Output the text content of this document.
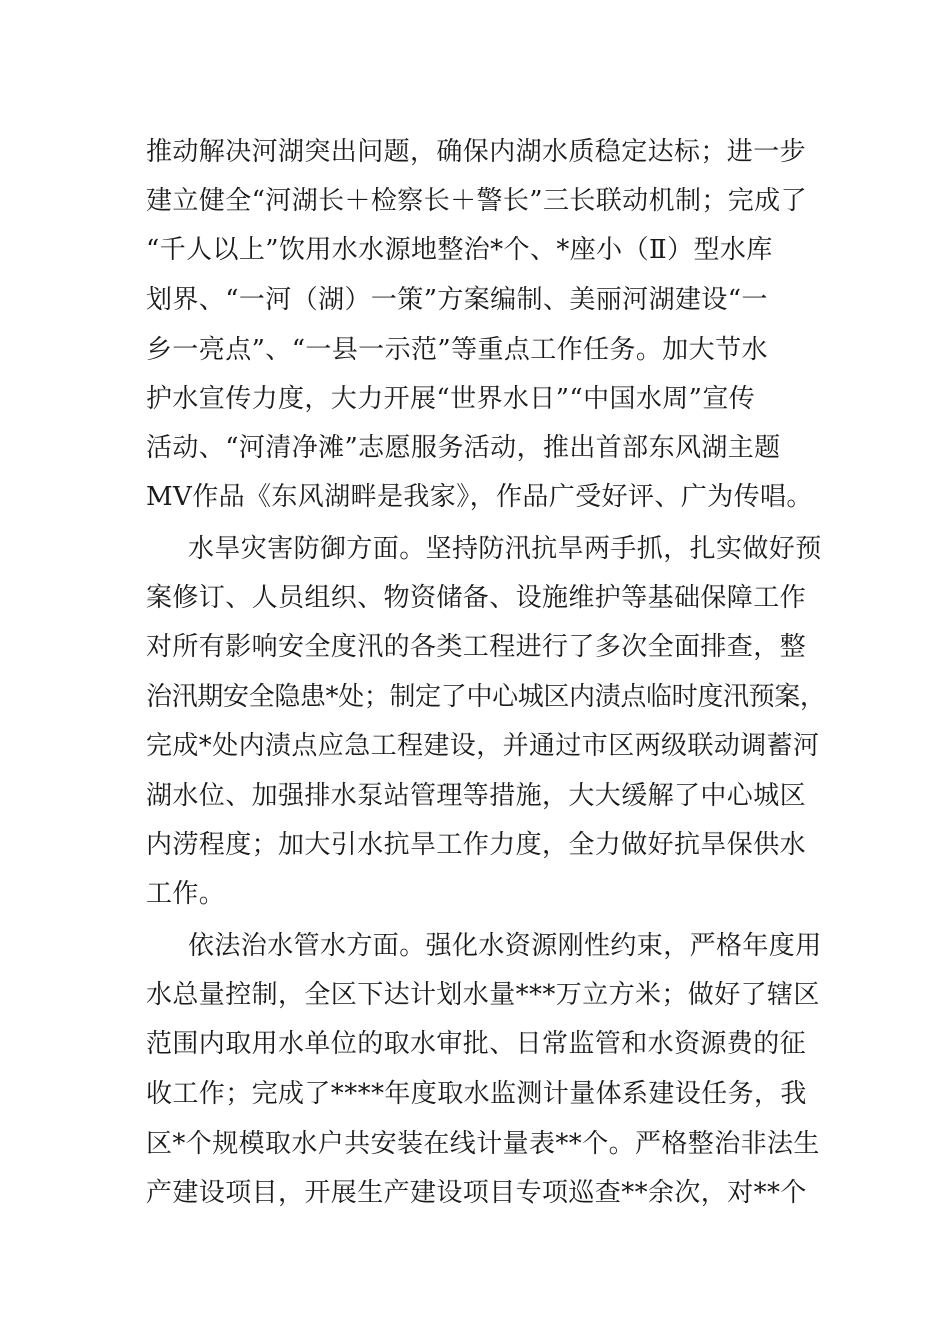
推动解决河湖突出问题，确保内湖水质稳定达标；进一步
建立健全“河湖长＋检察长＋警长”三长联动机制；完成了
“千人以上”饮用水水源地整治*个、*座小（Ⅱ）型水库
划界、“一河（湖）一策”方案编制、美丽河湖建设“一
乡一亮点”、“一县一示范”等重点工作任务。加大节水
护水宣传力度，大力开展“世界水日”“中国水周”宣传
活动、“河清净滩”志愿服务活动，推出首部东风湖主题
MV作品《东风湖畔是我家》，作品广受好评、广为传唱。
水旱灾害防御方面。坚持防汛抗旱两手抓，扎实做好预
案修订、人员组织、物资储备、设施维护等基础保障工作
对所有影响安全度汛的各类工程进行了多次全面排查，整
治汛期安全隐患*处；制定了中心城区内渍点临时度汛预案，
完成*处内渍点应急工程建设，并通过市区两级联动调蓄河
湖水位、加强排水泵站管理等措施，大大缓解了中心城区
内涝程度；加大引水抗旱工作力度，全力做好抗旱保供水
工作。
依法治水管水方面。强化水资源刚性约束，严格年度用
水总量控制，全区下达计划水量***万立方米；做好了辖区
范围内取用水单位的取水审批、日常监管和水资源费的征
收工作；完成了****年度取水监测计量体系建设任务，我
区*个规模取水户共安装在线计量表**个。严格整治非法生
产建设项目，开展生产建设项目专项巡查**余次，对**个
